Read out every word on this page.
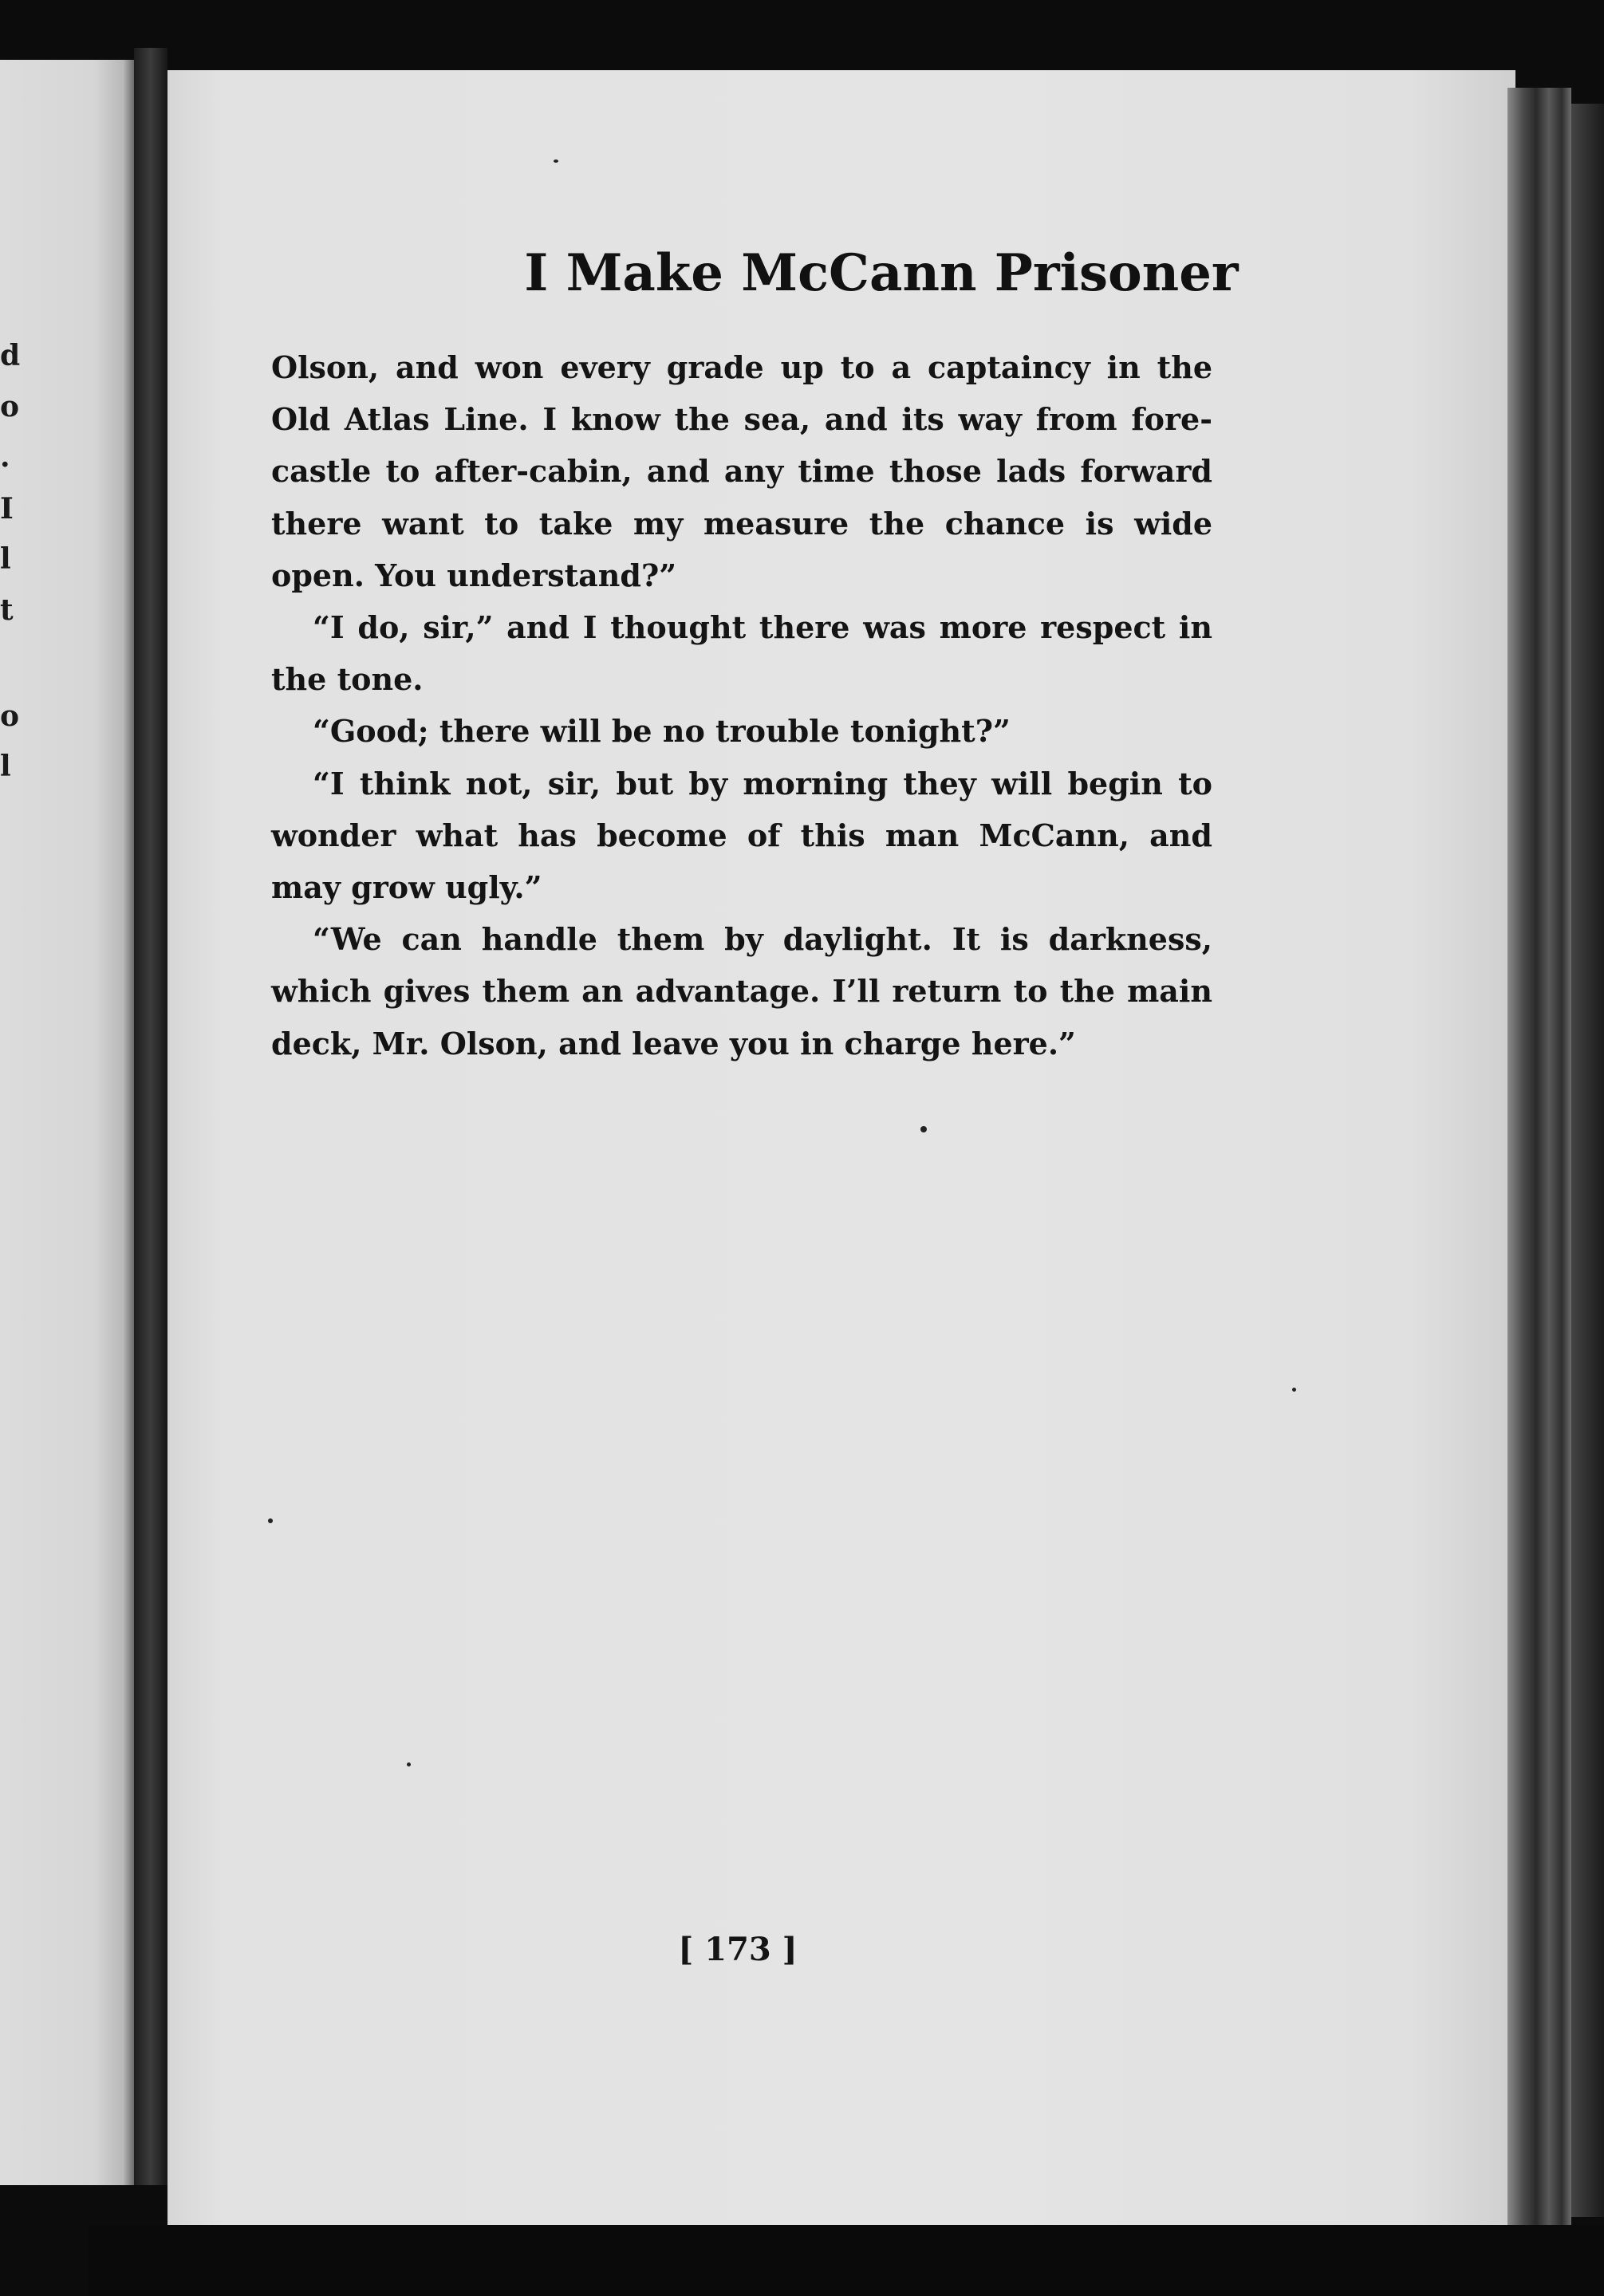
d
o
.
I
l
t
o
l
I Make McCann Prisoner

Olson, and won every grade up to a captaincy in the Old Atlas Line. I know the sea, and its way from fore-castle to after-cabin, and any time those lads forward there want to take my measure the chance is wide open. You understand?”

“I do, sir,” and I thought there was more respect in the tone.

“Good; there will be no trouble tonight?”

“I think not, sir, but by morning they will begin to wonder what has become of this man McCann, and may grow ugly.”

“We can handle them by daylight. It is darkness, which gives them an advantage. I’ll return to the main deck, Mr. Olson, and leave you in charge here.”

[ 173 ]
